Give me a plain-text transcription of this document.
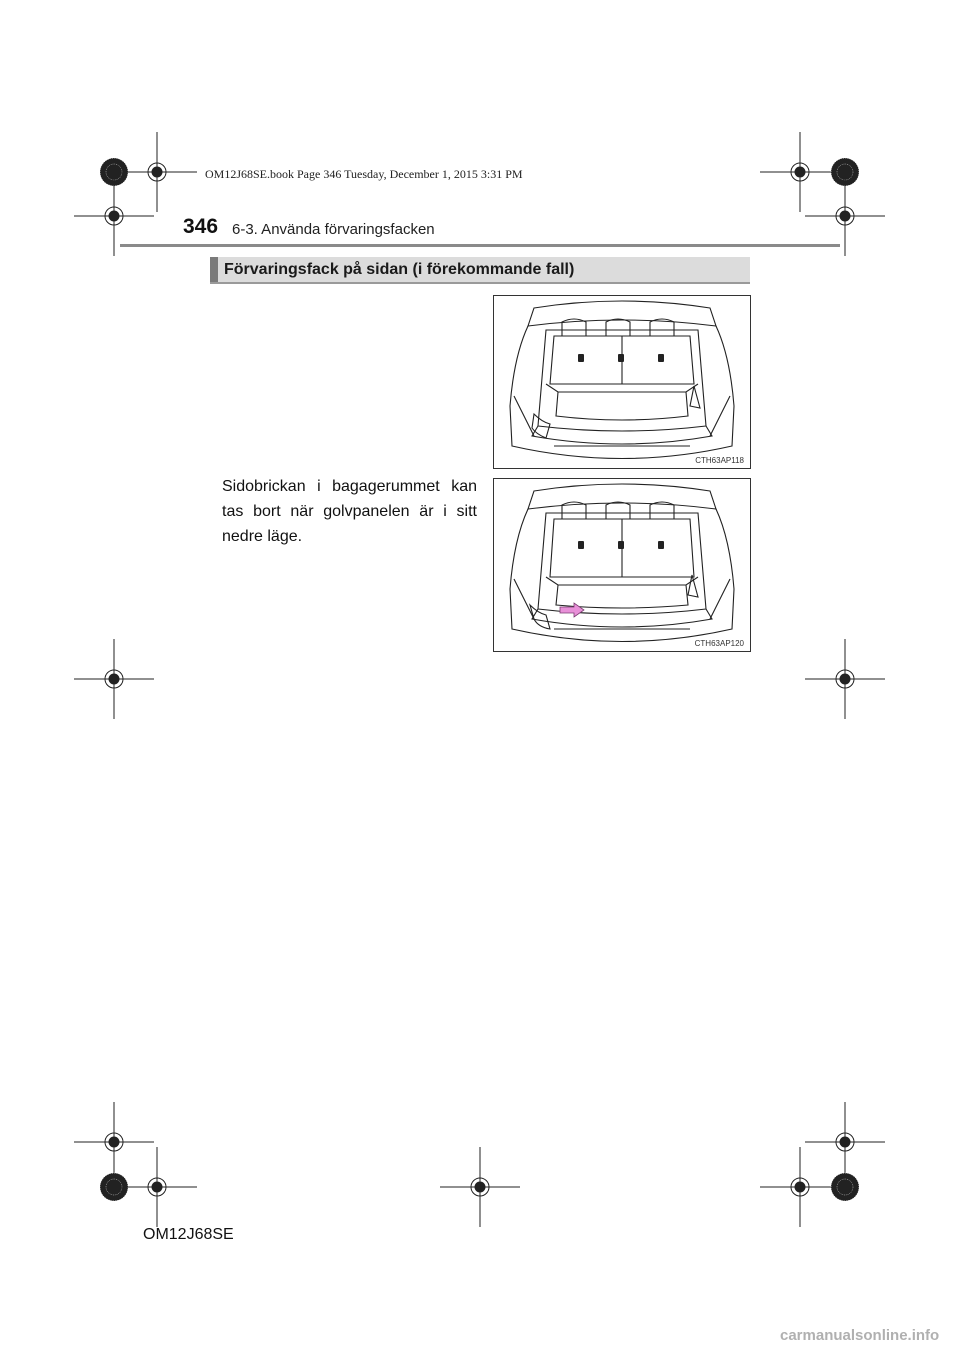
OM12J68SE.book Page 346 Tuesday, December 1, 2015 3:31 PM
346 6-3. Använda förvaringsfacken
Förvaringsfack på sidan (i förekommande fall)
Sidobrickan i bagagerummet kan tas bort när golvpanelen är i sitt nedre läge.
CTH63AP118
CTH63AP120
OM12J68SE
carmanualsonline.info
